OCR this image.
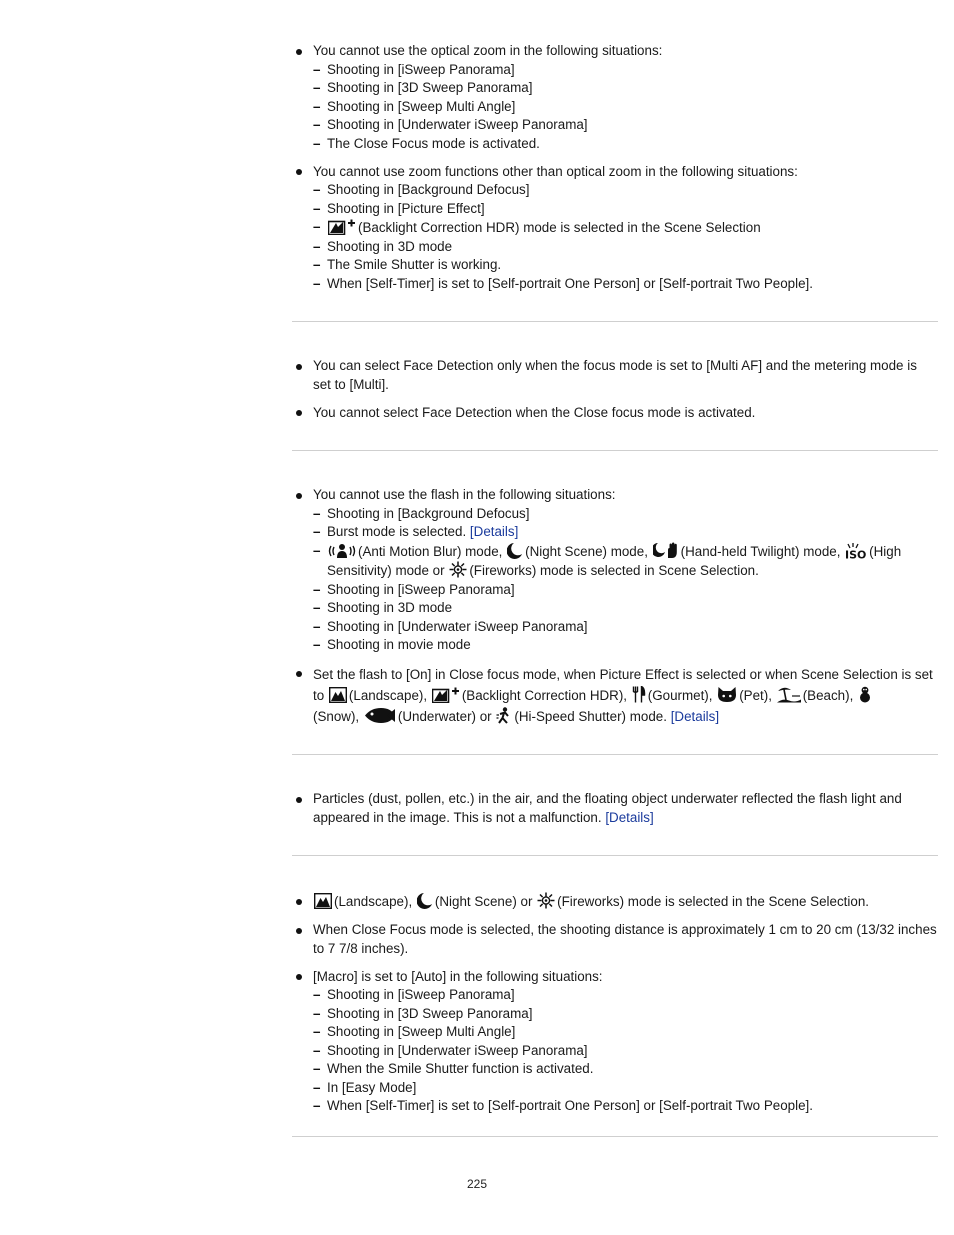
You cannot use the optical zoom in the following situations:
– Shooting in [iSweep Panorama]
– Shooting in [3D Sweep Panorama]
– Shooting in [Sweep Multi Angle]
– Shooting in [Underwater iSweep Panorama]
– The Close Focus mode is activated.
You cannot use zoom functions other than optical zoom in the following situations:
– Shooting in [Background Defocus]
– Shooting in [Picture Effect]
– (Backlight Correction HDR) mode is selected in the Scene Selection
– Shooting in 3D mode
– The Smile Shutter is working.
– When [Self-Timer] is set to [Self-portrait One Person] or [Self-portrait Two People].
You can select Face Detection only when the focus mode is set to [Multi AF] and the metering mode is set to [Multi].
You cannot select Face Detection when the Close focus mode is activated.
You cannot use the flash in the following situations:
– Shooting in [Background Defocus]
– Burst mode is selected. [Details]
– (Anti Motion Blur) mode, (Night Scene) mode, (Hand-held Twilight) mode, ISO (High Sensitivity) mode or (Fireworks) mode is selected in Scene Selection.
– Shooting in [iSweep Panorama]
– Shooting in 3D mode
– Shooting in [Underwater iSweep Panorama]
– Shooting in movie mode
Set the flash to [On] in Close focus mode, when Picture Effect is selected or when Scene Selection is set to (Landscape),	(Backlight Correction HDR), (Gourmet), (Pet), (Beach),

(Snow),	(Underwater) or (Hi-Speed Shutter) mode. [Details]
Particles (dust, pollen, etc.) in the air, and the floating object underwater reflected the flash light and appeared in the image. This is not a malfunction. [Details]
(Landscape), (Night Scene) or (Fireworks) mode is selected in the Scene Selection.
When Close Focus mode is selected, the shooting distance is approximately 1 cm to 20 cm (13/32 inches to 7 7/8 inches).
[Macro] is set to [Auto] in the following situations:
– Shooting in [iSweep Panorama]
– Shooting in [3D Sweep Panorama]
– Shooting in [Sweep Multi Angle]
– Shooting in [Underwater iSweep Panorama]
– When the Smile Shutter function is activated.
– In [Easy Mode]
– When [Self-Timer] is set to [Self-portrait One Person] or [Self-portrait Two People].
225
